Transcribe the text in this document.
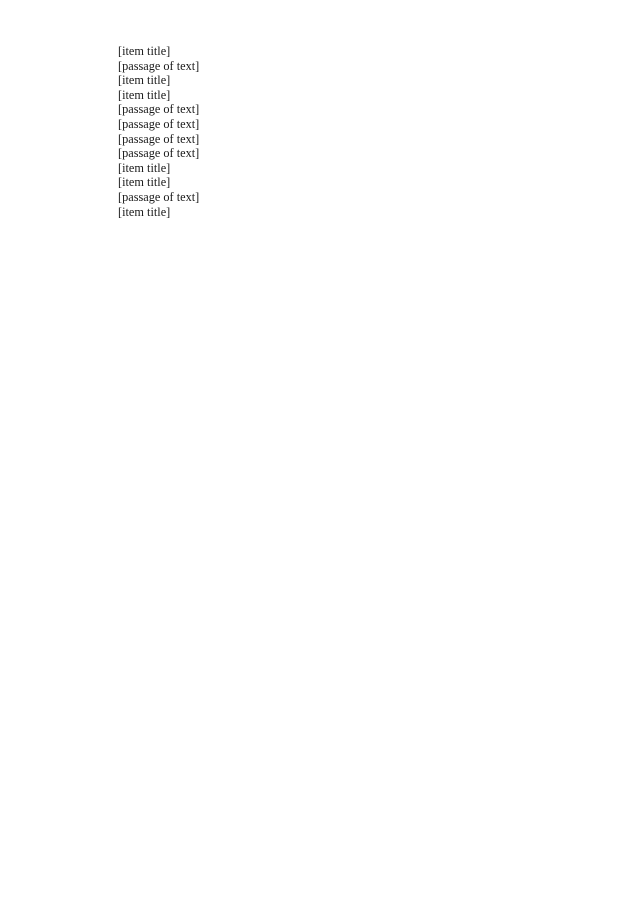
[item title]

[passage of text]

[item title]

[item title]

[passage of text]

[passage of text]

[passage of text]

[passage of text]

[item title]

[item title]

[passage of text]

[item title]
